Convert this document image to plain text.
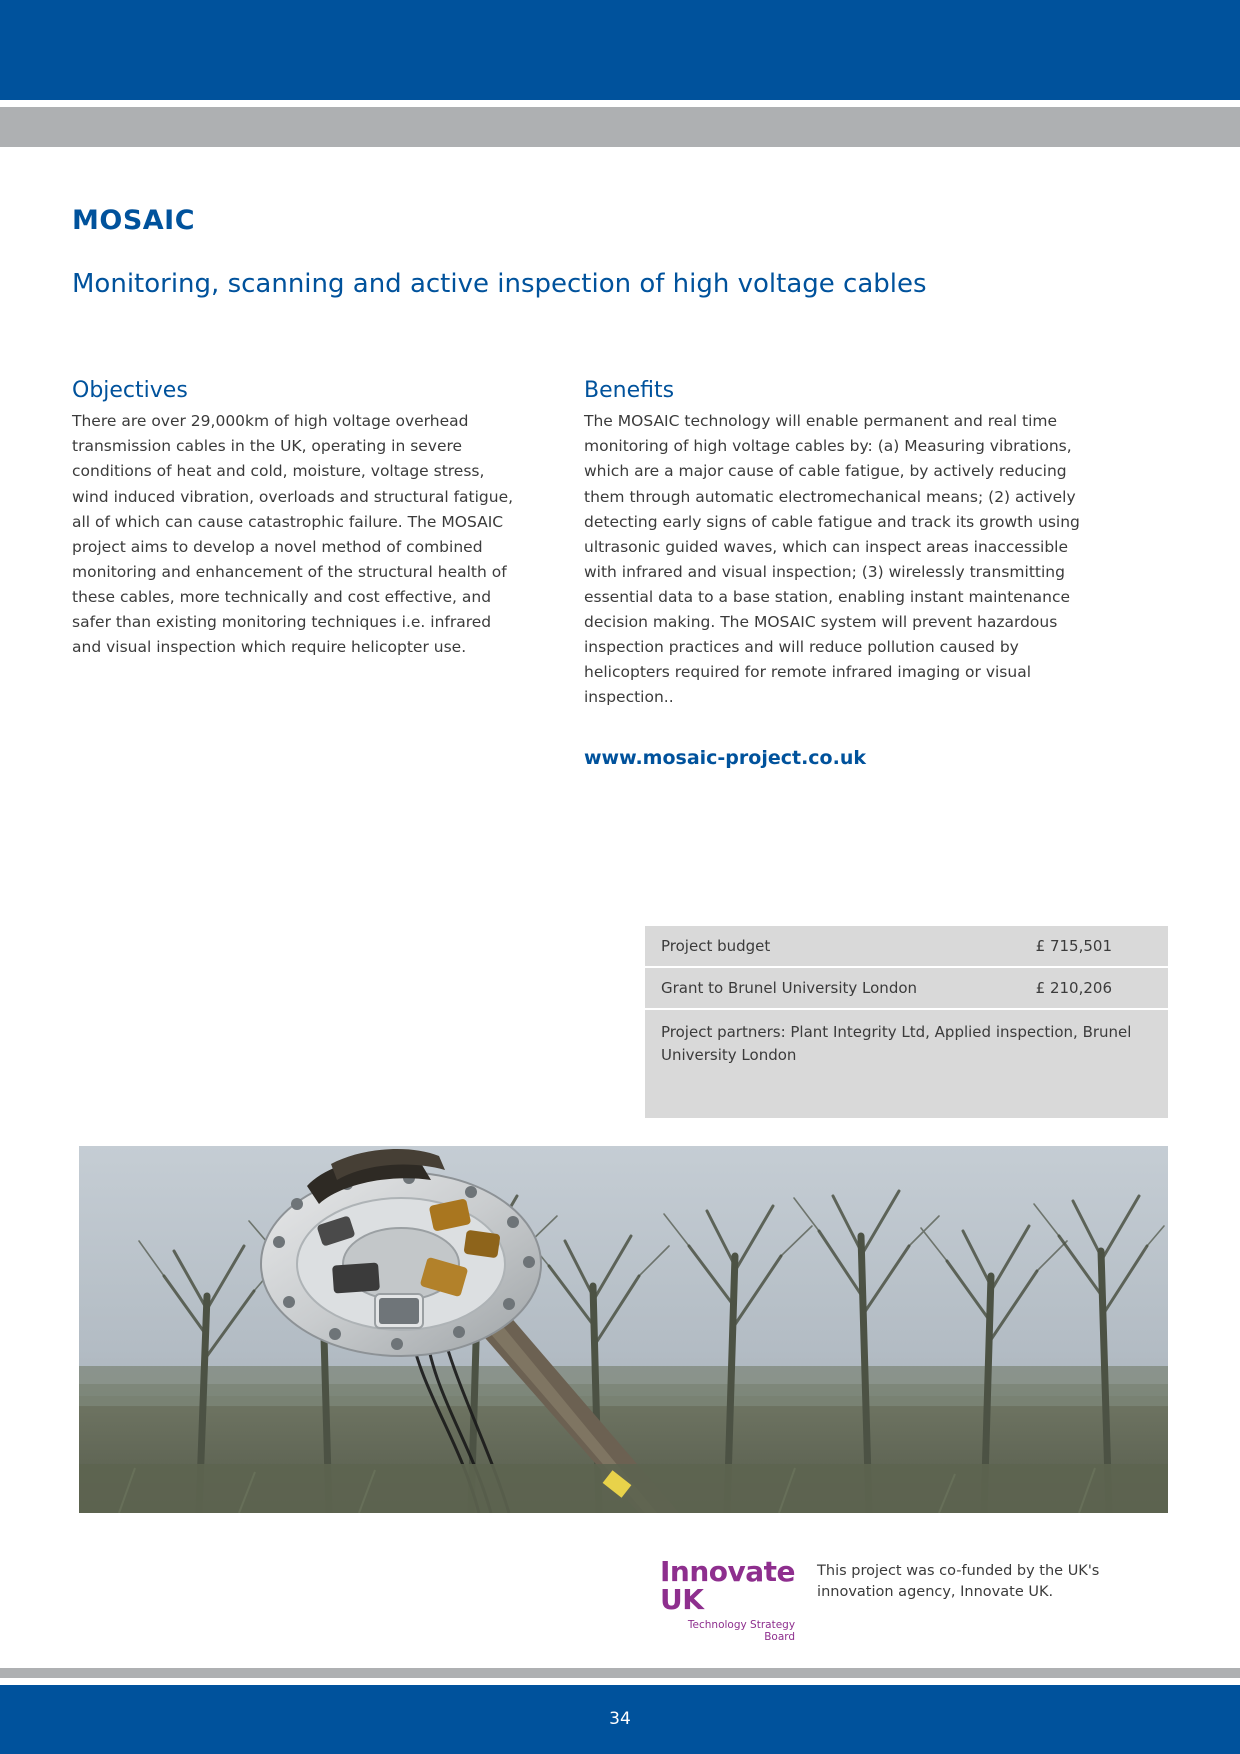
MOSAIC
Monitoring, scanning and active inspection of high voltage cables
Objectives

There are over 29,000km of high voltage overhead transmission cables in the UK, operating in severe conditions of heat and cold, moisture, voltage stress, wind induced vibration, overloads and structural fatigue, all of which can cause catastrophic failure. The MOSAIC project aims to develop a novel method of combined monitoring and enhancement of the structural health of these cables, more technically and cost effective, and safer than existing monitoring techniques i.e. infrared and visual inspection which require helicopter use.

Benefits

The MOSAIC technology will enable permanent and real time monitoring of high voltage cables by: (a) Measuring vibrations, which are a major cause of cable fatigue, by actively reducing them through automatic electromechanical means; (2) actively detecting early signs of cable fatigue and track its growth using ultrasonic guided waves, which can inspect areas inaccessible with infrared and visual inspection; (3) wirelessly transmitting essential data to a base station, enabling instant maintenance decision making. The MOSAIC system will prevent hazardous inspection practices and will reduce pollution caused by helicopters required for remote infrared imaging or visual inspection..

www.mosaic-project.co.uk
Project budget	£ 715,501
Grant to Brunel University London	£ 210,206
Project partners: Plant Integrity Ltd, Applied inspection, Brunel University London
Innovate UK
Technology Strategy Board
This project was co-funded by the UK's innovation agency, Innovate UK.
34
